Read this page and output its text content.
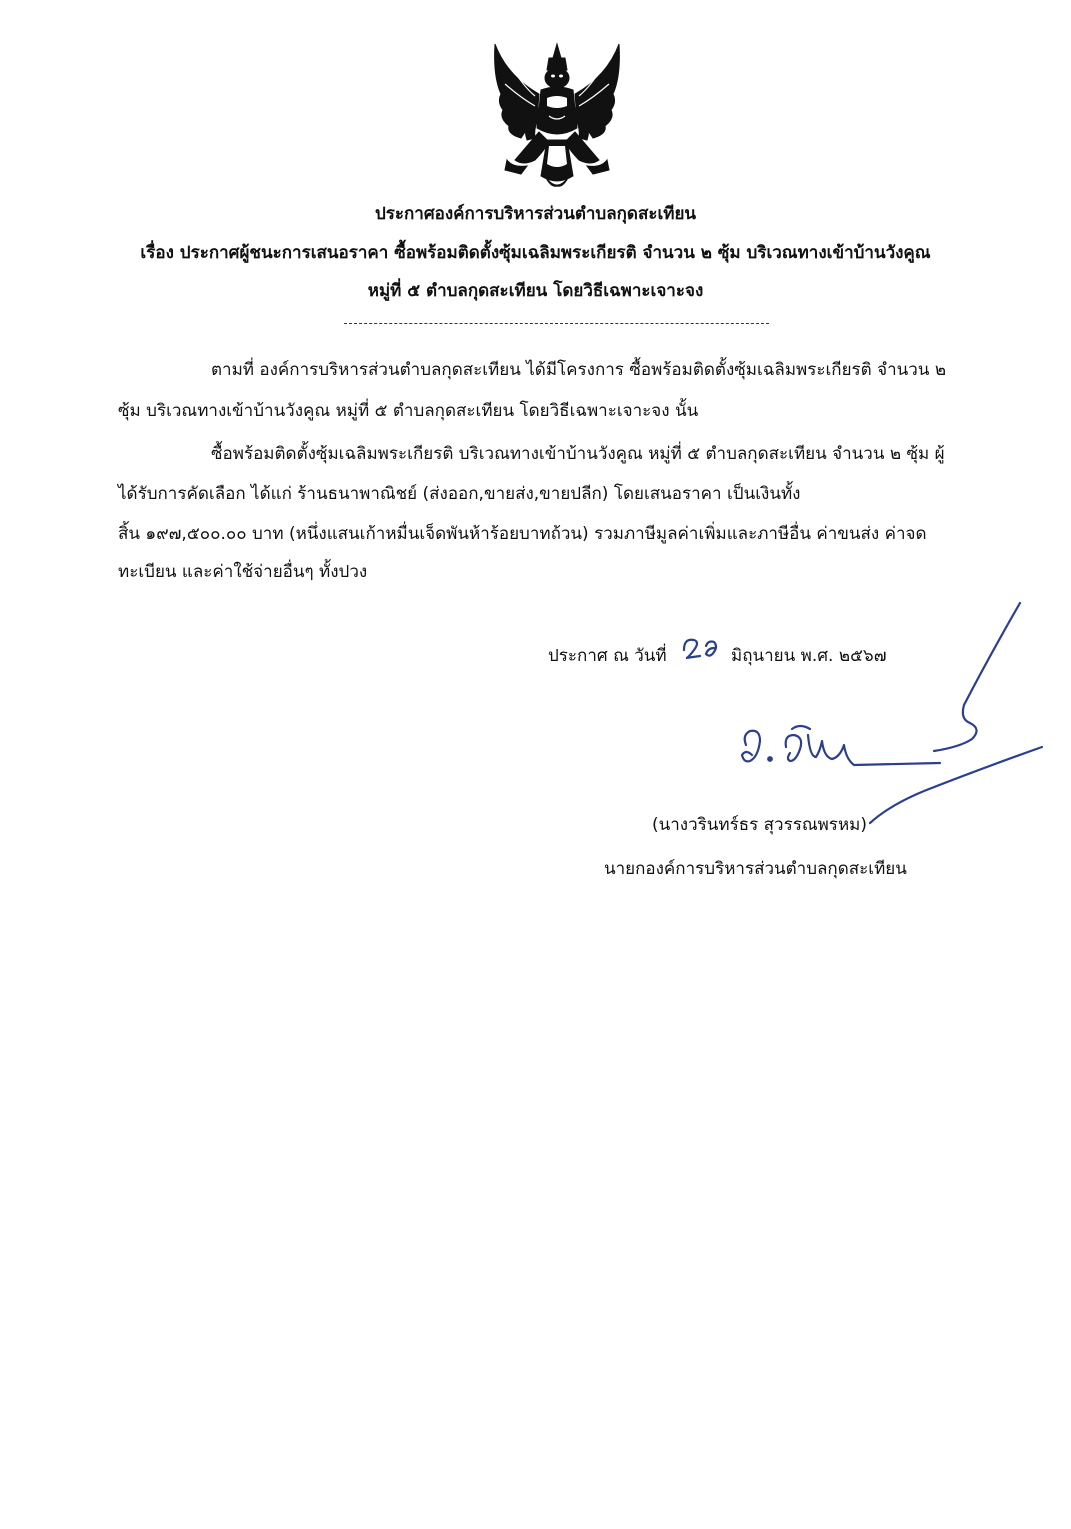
ประกาศองค์การบริหารส่วนตำบลกุดสะเทียน
เรื่อง ประกาศผู้ชนะการเสนอราคา ซื้อพร้อมติดตั้งซุ้มเฉลิมพระเกียรติ จำนวน ๒ ซุ้ม บริเวณทางเข้าบ้านวังคูณ
หมู่ที่ ๕ ตำบลกุดสะเทียน โดยวิธีเฉพาะเจาะจง
ตามที่ องค์การบริหารส่วนตำบลกุดสะเทียน ได้มีโครงการ ซื้อพร้อมติดตั้งซุ้มเฉลิมพระเกียรติ จำนวน ๒
ซุ้ม บริเวณทางเข้าบ้านวังคูณ หมู่ที่ ๕ ตำบลกุดสะเทียน โดยวิธีเฉพาะเจาะจง นั้น
ซื้อพร้อมติดตั้งซุ้มเฉลิมพระเกียรติ บริเวณทางเข้าบ้านวังคูณ หมู่ที่ ๕ ตำบลกุดสะเทียน จำนวน ๒ ซุ้ม ผู้
ได้รับการคัดเลือก ได้แก่ ร้านธนาพาณิชย์ (ส่งออก,ขายส่ง,ขายปลีก) โดยเสนอราคา เป็นเงินทั้ง
สิ้น ๑๙๗,๕๐๐.๐๐ บาท (หนึ่งแสนเก้าหมื่นเจ็ดพันห้าร้อยบาทถ้วน) รวมภาษีมูลค่าเพิ่มและภาษีอื่น ค่าขนส่ง ค่าจด
ทะเบียน และค่าใช้จ่ายอื่นๆ ทั้งปวง
ประกาศ ณ วันที่	มิถุนายน พ.ศ. ๒๕๖๗
(นางวรินทร์ธร สุวรรณพรหม)
นายกองค์การบริหารส่วนตำบลกุดสะเทียน
